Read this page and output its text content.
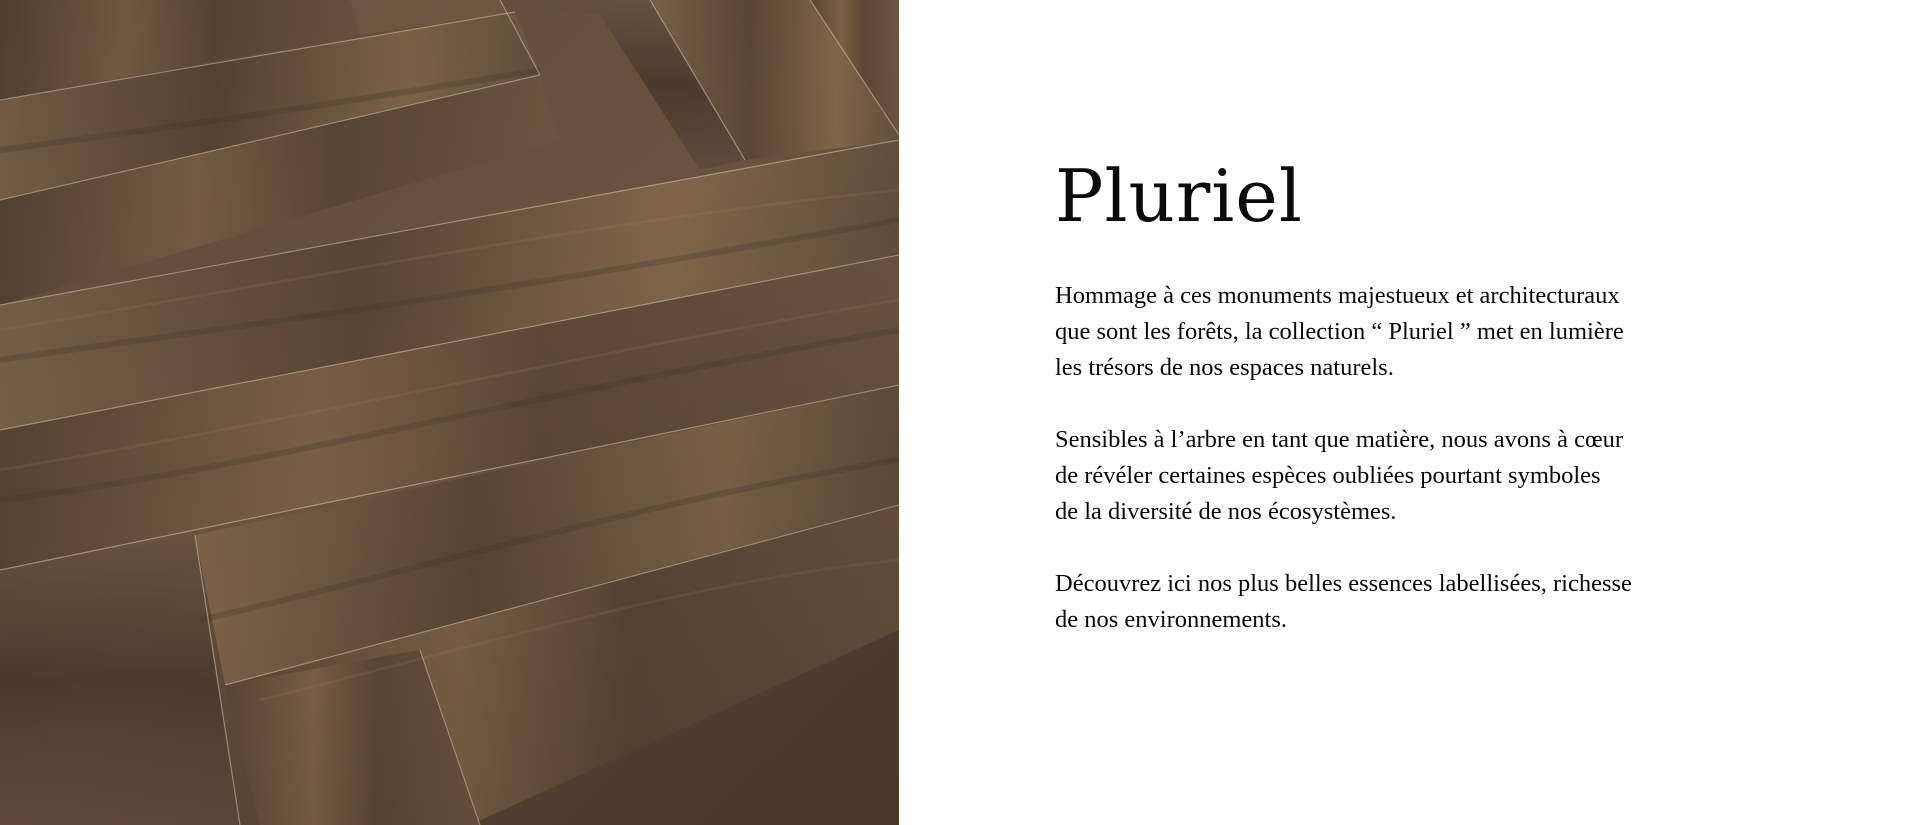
Pluriel

Hommage à ces monuments majestueux et architecturaux
que sont les forêts, la collection “ Pluriel ” met en lumière
les trésors de nos espaces naturels.

Sensibles à l’arbre en tant que matière, nous avons à cœur
de révéler certaines espèces oubliées pourtant symboles
de la diversité de nos écosystèmes.

Découvrez ici nos plus belles essences labellisées, richesse
de nos environnements.
